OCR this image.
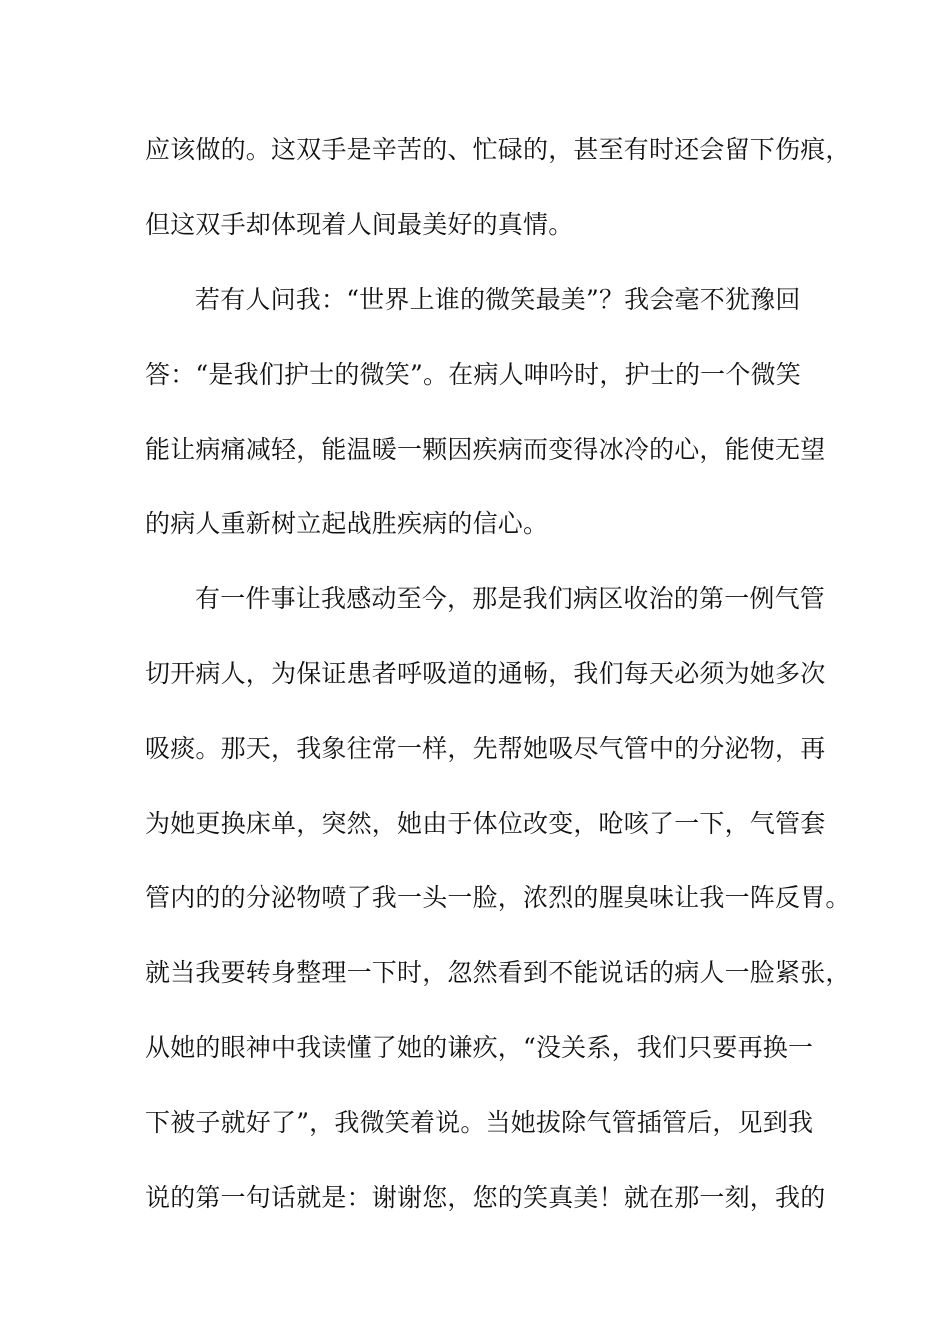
应该做的。这双手是辛苦的、忙碌的，甚至有时还会留下伤痕，
但这双手却体现着人间最美好的真情。
若有人问我：“世界上谁的微笑最美”？我会毫不犹豫回
答：“是我们护士的微笑”。在病人呻吟时，护士的一个微笑
能让病痛减轻，能温暖一颗因疾病而变得冰冷的心，能使无望
的病人重新树立起战胜疾病的信心。
有一件事让我感动至今，那是我们病区收治的第一例气管
切开病人，为保证患者呼吸道的通畅，我们每天必须为她多次
吸痰。那天，我象往常一样，先帮她吸尽气管中的分泌物，再
为她更换床单，突然，她由于体位改变，呛咳了一下，气管套
管内的的分泌物喷了我一头一脸，浓烈的腥臭味让我一阵反胃。
就当我要转身整理一下时，忽然看到不能说话的病人一脸紧张，
从她的眼神中我读懂了她的谦疚，“没关系，我们只要再换一
下被子就好了”，我微笑着说。当她拔除气管插管后，见到我
说的第一句话就是：谢谢您，您的笑真美！就在那一刻，我的
